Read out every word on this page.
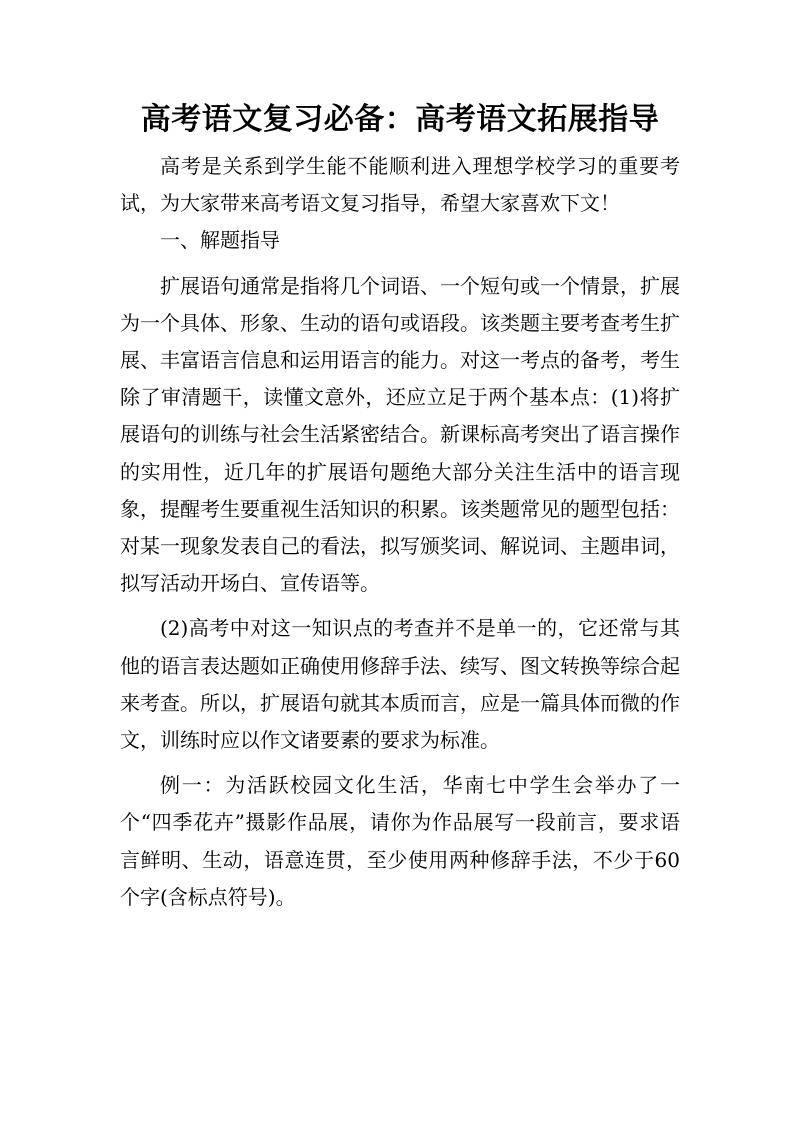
高考语文复习必备：高考语文拓展指导

高考是关系到学生能不能顺利进入理想学校学习的重要考试，为大家带来高考语文复习指导，希望大家喜欢下文！

一、解题指导

扩展语句通常是指将几个词语、一个短句或一个情景，扩展为一个具体、形象、生动的语句或语段。该类题主要考查考生扩展、丰富语言信息和运用语言的能力。对这一考点的备考，考生除了审清题干，读懂文意外，还应立足于两个基本点：(1)将扩展语句的训练与社会生活紧密结合。新课标高考突出了语言操作的实用性，近几年的扩展语句题绝大部分关注生活中的语言现象，提醒考生要重视生活知识的积累。该类题常见的题型包括：对某一现象发表自己的看法，拟写颁奖词、解说词、主题串词，拟写活动开场白、宣传语等。

(2)高考中对这一知识点的考查并不是单一的，它还常与其他的语言表达题如正确使用修辞手法、续写、图文转换等综合起来考查。所以，扩展语句就其本质而言，应是一篇具体而微的作文，训练时应以作文诸要素的要求为标准。

例一：为活跃校园文化生活，华南七中学生会举办了一个“四季花卉”摄影作品展，请你为作品展写一段前言，要求语言鲜明、生动，语意连贯，至少使用两种修辞手法，不少于60个字(含标点符号)。
